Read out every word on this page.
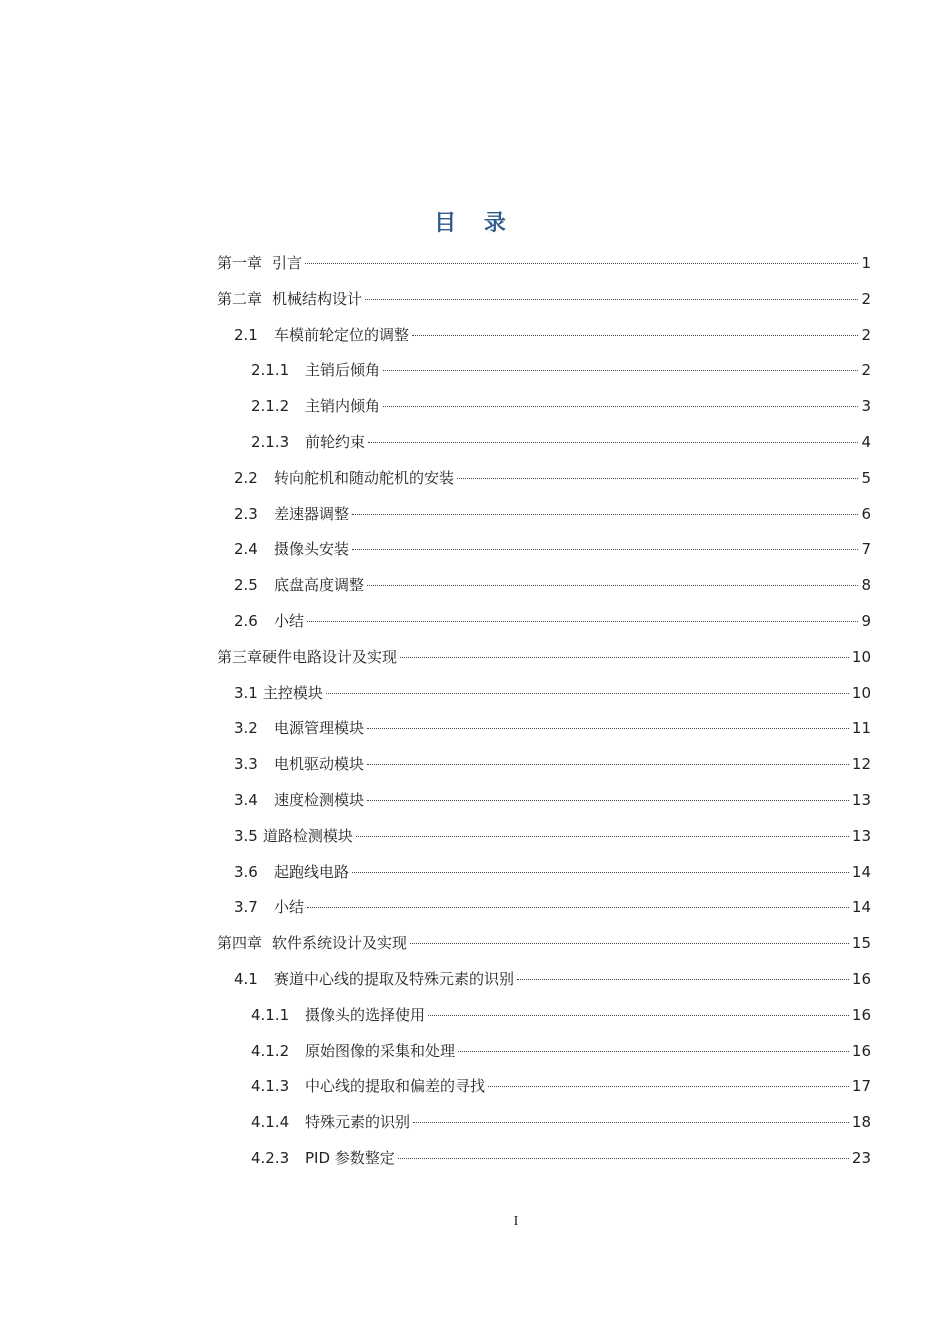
目 录
第一章 引言	1
第二章 机械结构设计	2
2.1	车模前轮定位的调整	2
2.1.1	主销后倾角	2
2.1.2	主销内倾角	3
2.1.3	前轮约束	4
2.2	转向舵机和随动舵机的安装	5
2.3	差速器调整	6
2.4	摄像头安装	7
2.5	底盘高度调整	8
2.6	小结	9
第三章硬件电路设计及实现	10
3.1 主控模块	10
3.2	电源管理模块	11
3.3	电机驱动模块	12
3.4	速度检测模块	13
3.5 道路检测模块	13
3.6	起跑线电路	14
3.7	小结	14
第四章 软件系统设计及实现	15
4.1	赛道中心线的提取及特殊元素的识别	16
4.1.1	摄像头的选择使用	16
4.1.2	原始图像的采集和处理	16
4.1.3	中心线的提取和偏差的寻找	17
4.1.4	特殊元素的识别	18
4.2.3	PID 参数整定	23
I
